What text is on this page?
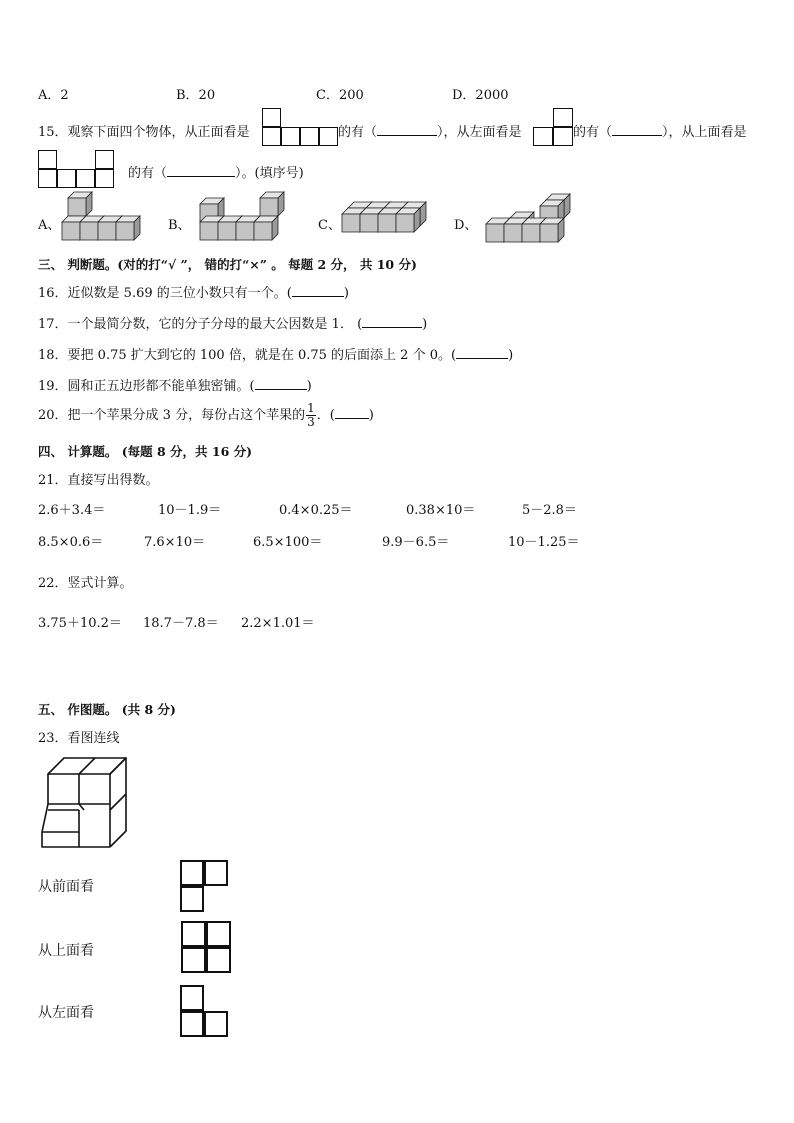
A．2	B．20	C．200	D．2000
15．观察下面四个物体，从正面看是	的有（	），从左面看是	的有（	），从上面看是
的有（	）。(填序号)
A、	B、	C、	D、
三、 判断题。(对的打“√ ”， 错的打“×” 。 每题 2 分， 共 10 分)
16．近似数是 5.69 的三位小数只有一个。(	)
17．一个最简分数，它的分子分母的最大公因数是 1． (	)
18．要把 0.75 扩大到它的 100 倍，就是在 0.75 的后面添上 2 个 0。(	)
19．圆和正五边形都不能单独密铺。(	)
20．把一个苹果分成 3 分，每份占这个苹果的 $\frac{1}{3}$ ．(	)
四、 计算题。 (每题 8 分，共 16 分)
21．直接写出得数。
2.6＋3.4＝	10－1.9＝	0.4×0.25＝	0.38×10＝	5－2.8＝
8.5×0.6＝	7.6×10＝	6.5×100＝	9.9－6.5＝	10－1.25＝
22．竖式计算。
3.75＋10.2＝ 18.7－7.8＝ 2.2×1.01＝
五、 作图题。 (共 8 分)
23．看图连线
从前面看
从上面看
从左面看
